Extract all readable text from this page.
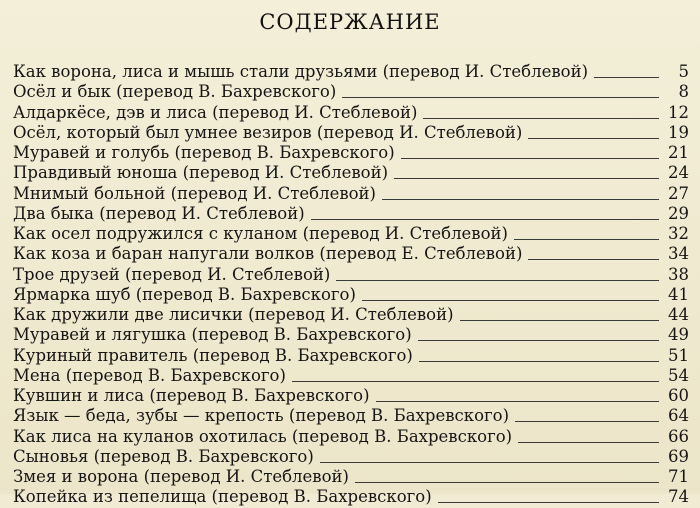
СОДЕРЖАНИЕ
Как ворона, лиса и мышь стали друзьями (перевод И. Стеблевой)	5
Осёл и бык (перевод В. Бахревского)	8
Алдаркёсе, дэв и лиса (перевод И. Стеблевой)	12
Осёл, который был умнее везиров (перевод И. Стеблевой)	19
Муравей и голубь (перевод В. Бахревского)	21
Правдивый юноша (перевод И. Стеблевой)	24
Мнимый больной (перевод И. Стеблевой)	27
Два быка (перевод И. Стеблевой)	29
Как осел подружился с куланом (перевод И. Стеблевой)	32
Как коза и баран напугали волков (перевод Е. Стеблевой)	34
Трое друзей (перевод И. Стеблевой)	38
Ярмарка шуб (перевод В. Бахревского)	41
Как дружили две лисички (перевод И. Стеблевой)	44
Муравей и лягушка (перевод В. Бахревского)	49
Куриный правитель (перевод В. Бахревского)	51
Мена (перевод В. Бахревского)	54
Кувшин и лиса (перевод В. Бахревского)	60
Язык — беда, зубы — крепость (перевод В. Бахревского)	64
Как лиса на куланов охотилась (перевод В. Бахревского)	66
Сыновья (перевод В. Бахревского)	69
Змея и ворона (перевод И. Стеблевой)	71
Копейка из пепелища (перевод В. Бахревского)	74
